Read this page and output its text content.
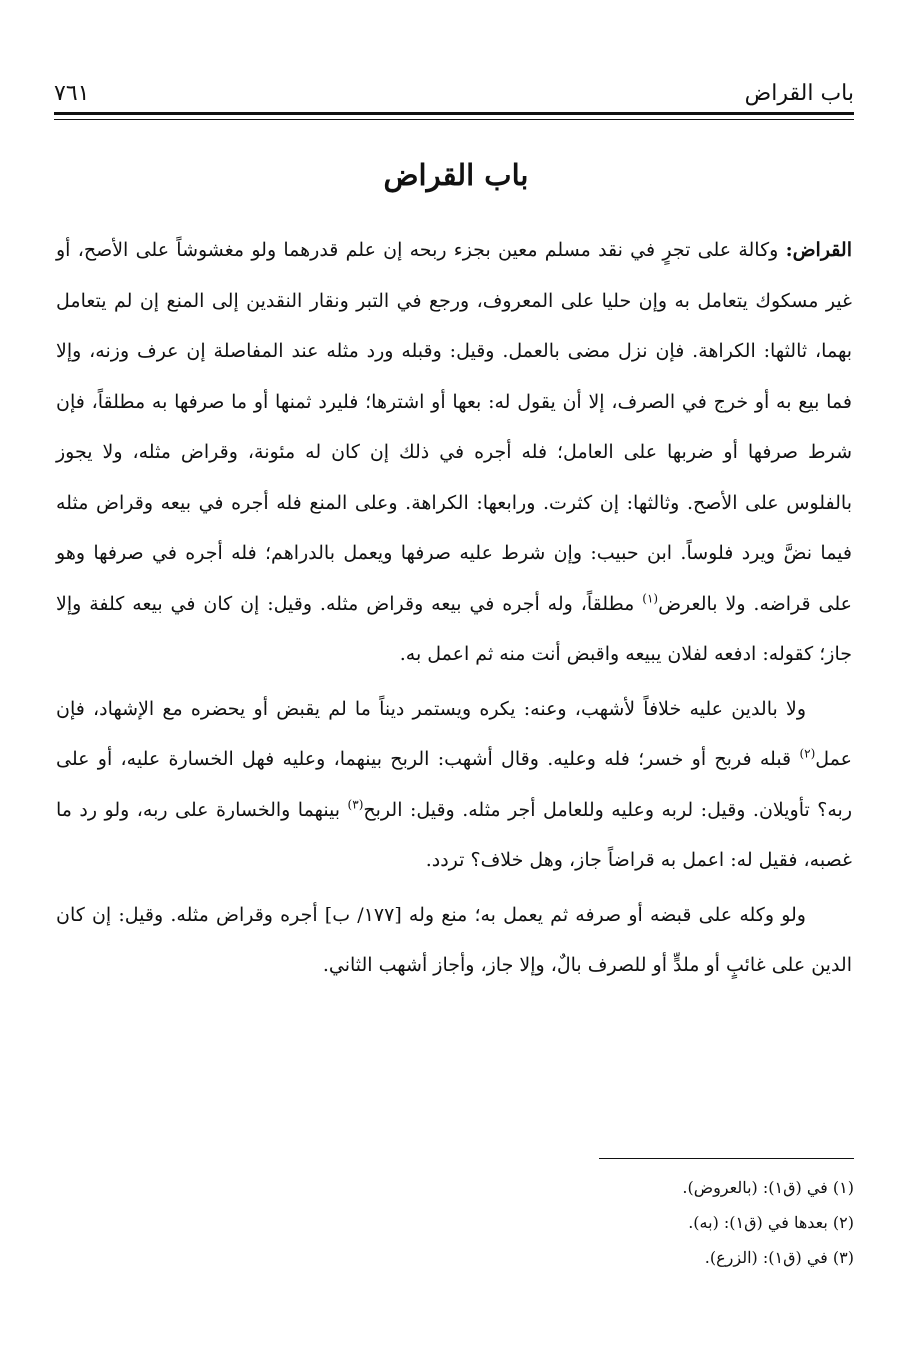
باب القراض
٧٦١
باب القراض

القراض: وكالة على تجرٍ في نقد مسلم معين بجزء ربحه إن علم قدرهما ولو مغشوشاً على الأصح، أو غير مسكوك يتعامل به وإن حليا على المعروف، ورجع في التبر ونقار النقدين إلى المنع إن لم يتعامل بهما، ثالثها: الكراهة. فإن نزل مضى بالعمل. وقيل: وقبله ورد مثله عند المفاصلة إن عرف وزنه، وإلا فما بيع به أو خرج في الصرف، إلا أن يقول له: بعها أو اشترها؛ فليرد ثمنها أو ما صرفها به مطلقاً، فإن شرط صرفها أو ضربها على العامل؛ فله أجره في ذلك إن كان له مئونة، وقراض مثله، ولا يجوز بالفلوس على الأصح. وثالثها: إن كثرت. ورابعها: الكراهة. وعلى المنع فله أجره في بيعه وقراض مثله فيما نضَّ ويرد فلوساً. ابن حبيب: وإن شرط عليه صرفها ويعمل بالدراهم؛ فله أجره في صرفها وهو على قراضه. ولا بالعرض$^{(١)}$ مطلقاً، وله أجره في بيعه وقراض مثله. وقيل: إن كان في بيعه كلفة وإلا جاز؛ كقوله: ادفعه لفلان يبيعه واقبض أنت منه ثم اعمل به.

ولا بالدين عليه خلافاً لأشهب، وعنه: يكره ويستمر ديناً ما لم يقبض أو يحضره مع الإشهاد، فإن عمل$^{(٢)}$ قبله فربح أو خسر؛ فله وعليه. وقال أشهب: الربح بينهما، وعليه فهل الخسارة عليه، أو على ربه؟ تأويلان. وقيل: لربه وعليه وللعامل أجر مثله. وقيل: الربح$^{(٣)}$ بينهما والخسارة على ربه، ولو رد ما غصبه، فقيل له: اعمل به قراضاً جاز، وهل خلاف؟ تردد.

ولو وكله على قبضه أو صرفه ثم يعمل به؛ منع وله [١٧٧/ ب] أجره وقراض مثله. وقيل: إن كان الدين على غائبٍ أو ملدٍّ أو للصرف بالٌ، وإلا جاز، وأجاز أشهب الثاني.

(١) في (ق١): (بالعروض).
(٢) بعدها في (ق١): (به).
(٣) في (ق١): (الزرع).
